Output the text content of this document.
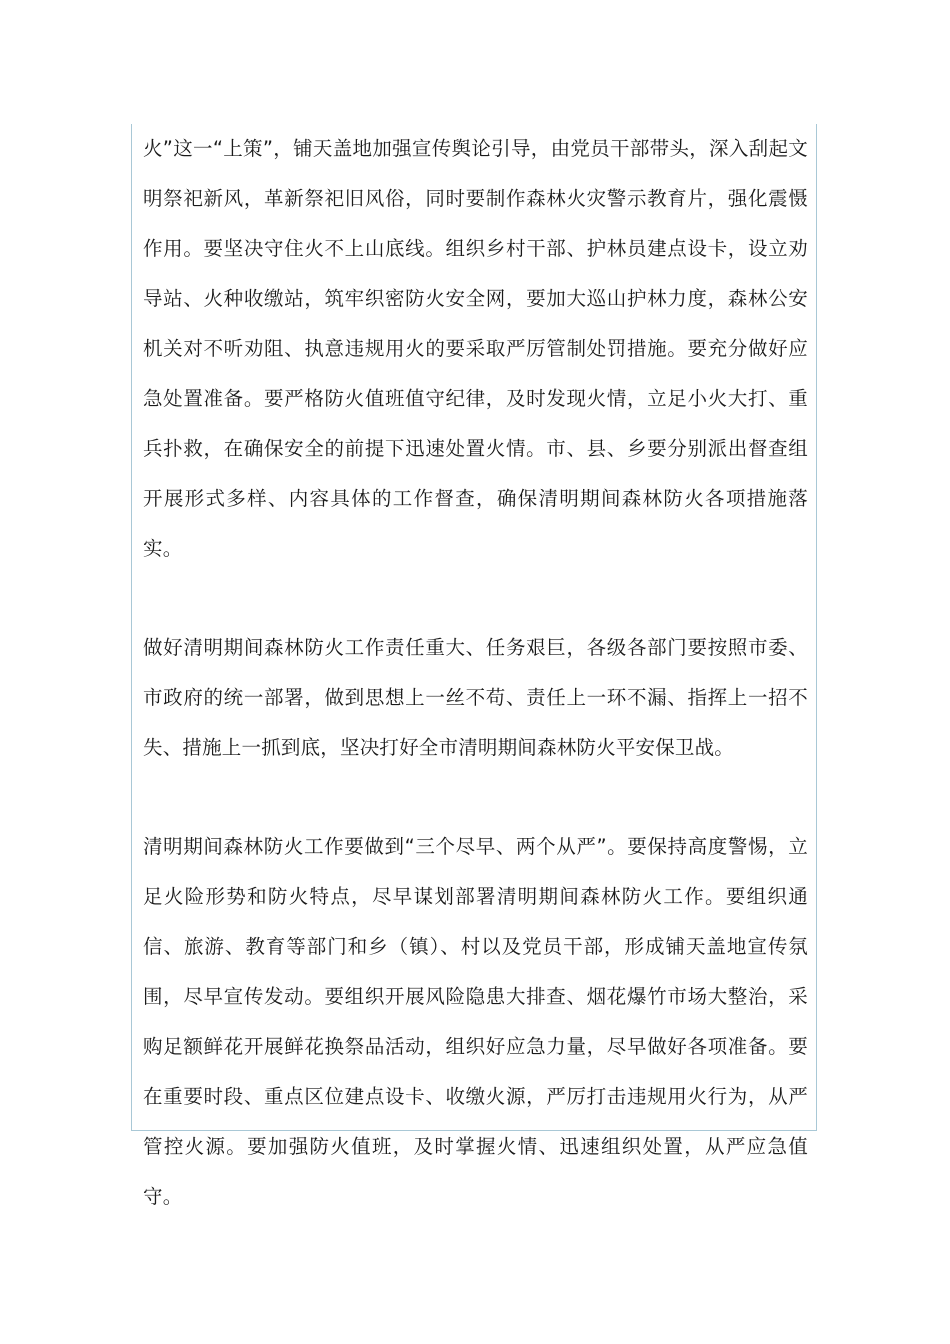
火”这一“上策”，铺天盖地加强宣传舆论引导，由党员干部带头，深入刮起文明祭祀新风，革新祭祀旧风俗，同时要制作森林火灾警示教育片，强化震慑作用。要坚决守住火不上山底线。组织乡村干部、护林员建点设卡，设立劝导站、火种收缴站，筑牢织密防火安全网，要加大巡山护林力度，森林公安机关对不听劝阻、执意违规用火的要采取严厉管制处罚措施。要充分做好应急处置准备。要严格防火值班值守纪律，及时发现火情，立足小火大打、重兵扑救，在确保安全的前提下迅速处置火情。市、县、乡要分别派出督查组开展形式多样、内容具体的工作督查，确保清明期间森林防火各项措施落实。

做好清明期间森林防火工作责任重大、任务艰巨，各级各部门要按照市委、市政府的统一部署，做到思想上一丝不苟、责任上一环不漏、指挥上一招不失、措施上一抓到底，坚决打好全市清明期间森林防火平安保卫战。

清明期间森林防火工作要做到“三个尽早、两个从严”。要保持高度警惕，立足火险形势和防火特点，尽早谋划部署清明期间森林防火工作。要组织通信、旅游、教育等部门和乡（镇）、村以及党员干部，形成铺天盖地宣传氛围，尽早宣传发动。要组织开展风险隐患大排查、烟花爆竹市场大整治，采购足额鲜花开展鲜花换祭品活动，组织好应急力量，尽早做好各项准备。要在重要时段、重点区位建点设卡、收缴火源，严厉打击违规用火行为，从严管控火源。要加强防火值班，及时掌握火情、迅速组织处置，从严应急值守。
